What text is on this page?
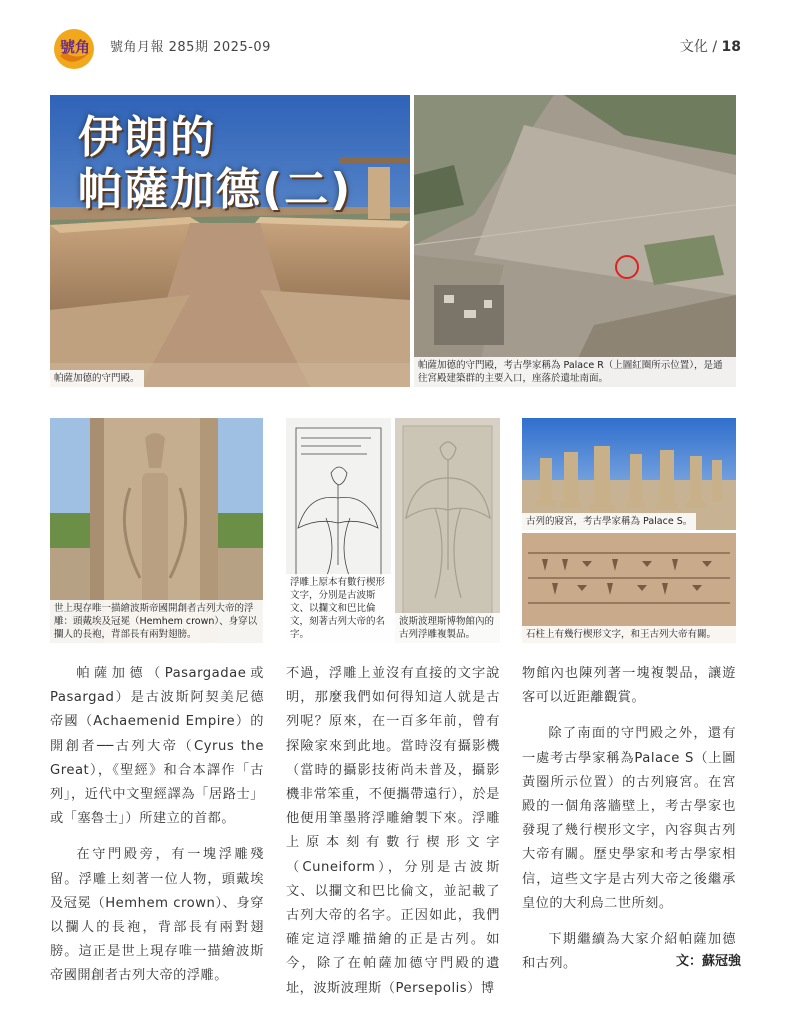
號角 號角月報 285期 2025-09	文化 / 18
帕薩加德的守門殿。
伊朗的
帕薩加德(二)
帕薩加德的守門殿，考古學家稱為 Palace R（上圖紅圈所示位置），是通往宮殿建築群的主要入口，座落於遺址南面。
世上現存唯一描繪波斯帝國開創者古列大帝的浮雕：頭戴埃及冠冕（Hemhem crown）、身穿以攔人的長袍，背部長有兩對翅膀。
浮雕上原本有數行楔形文字，分別是古波斯文、以攔文和巴比倫文，刻著古列大帝的名字。
波斯波理斯博物館內的古列浮雕複製品。
古列的寢宮，考古學家稱為 Palace S。
石柱上有幾行楔形文字，和王古列大帝有關。

帕薩加德（Pasargadae或Pasargad）是古波斯阿契美尼德帝國（Achaemenid Empire）的開創者──古列大帝（Cyrus the Great），《聖經》和合本譯作「古列」，近代中文聖經譯為「居路士」或「塞魯士」）所建立的首都。

在守門殿旁，有一塊浮雕殘留。浮雕上刻著一位人物，頭戴埃及冠冕（Hemhem crown）、身穿以攔人的長袍，背部長有兩對翅膀。這正是世上現存唯一描繪波斯帝國開創者古列大帝的浮雕。

不過，浮雕上並沒有直接的文字說明，那麼我們如何得知這人就是古列呢？原來，在一百多年前，曾有探險家來到此地。當時沒有攝影機（當時的攝影技術尚未普及，攝影機非常笨重，不便攜帶遠行），於是他便用筆墨將浮雕繪製下來。浮雕上原本刻有數行楔形文字（Cuneiform），分別是古波斯文、以攔文和巴比倫文，並記載了古列大帝的名字。正因如此，我們確定這浮雕描繪的正是古列。如今，除了在帕薩加德守門殿的遺址，波斯波理斯（Persepolis）博

物館內也陳列著一塊複製品，讓遊客可以近距離觀賞。

除了南面的守門殿之外，還有一處考古學家稱為Palace S（上圖黃圈所示位置）的古列寢宮。在宮殿的一個角落牆壁上，考古學家也發現了幾行楔形文字，內容與古列大帝有關。歷史學家和考古學家相信，這些文字是古列大帝之後繼承皇位的大利烏二世所刻。

下期繼續為大家介紹帕薩加德和古列。	文：蘇冠強
